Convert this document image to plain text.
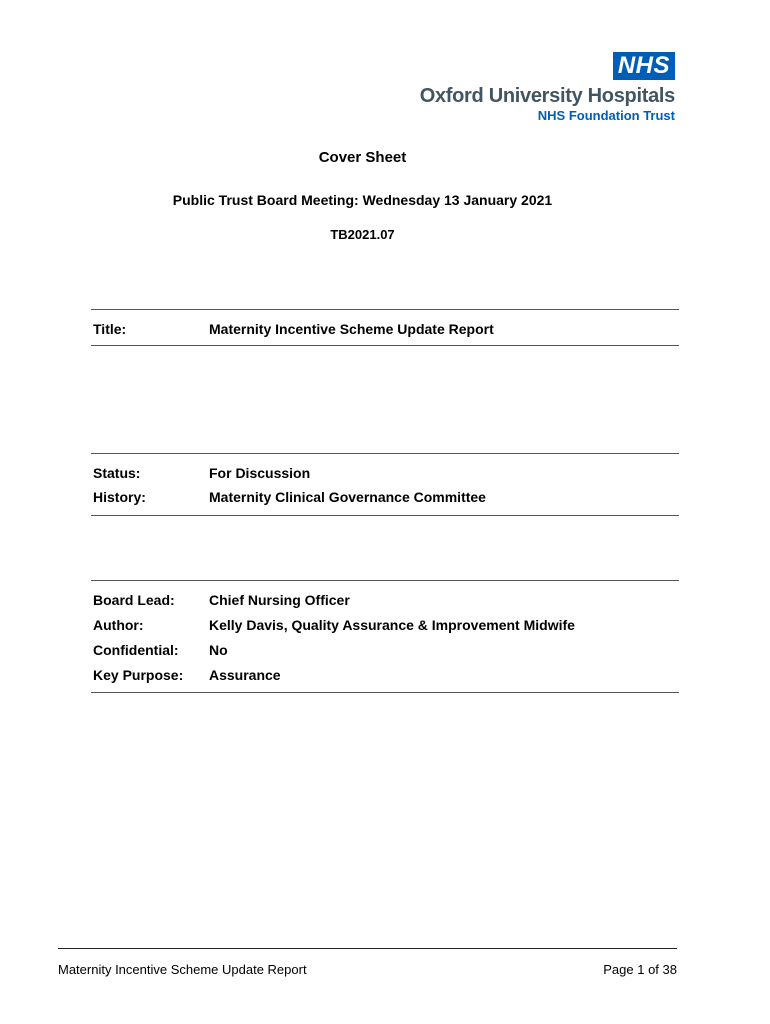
NHS
Oxford University Hospitals
NHS Foundation Trust
Cover Sheet
Public Trust Board Meeting: Wednesday 13 January 2021
TB2021.07
Title:	Maternity Incentive Scheme Update Report
Status:	For Discussion
History:	Maternity Clinical Governance Committee
Board Lead: Chief Nursing Officer
Author:	Kelly Davis, Quality Assurance & Improvement Midwife
Confidential: No
Key Purpose: Assurance
Maternity Incentive Scheme Update Report	Page 1 of 38
